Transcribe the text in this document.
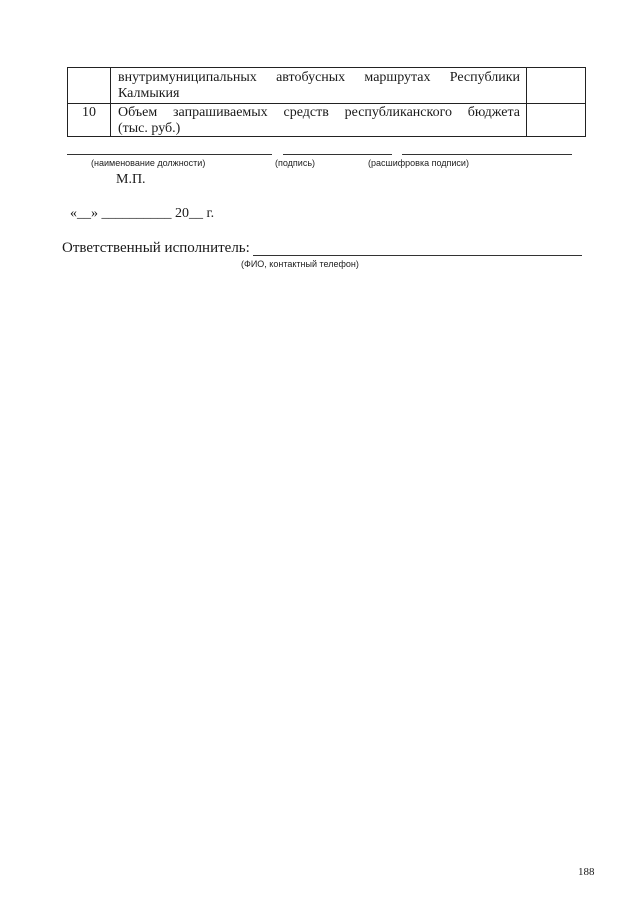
внутримуниципальных автобусных маршрутах Республики
Калмыкия
10	Объем запрашиваемых средств республиканского бюджета
(тыс. руб.)
(наименование должности)	(подпись)	(расшифровка подписи)
М.П.
«__» __________ 20__ г.
Ответственный исполнитель:
(ФИО, контактный телефон)
188
